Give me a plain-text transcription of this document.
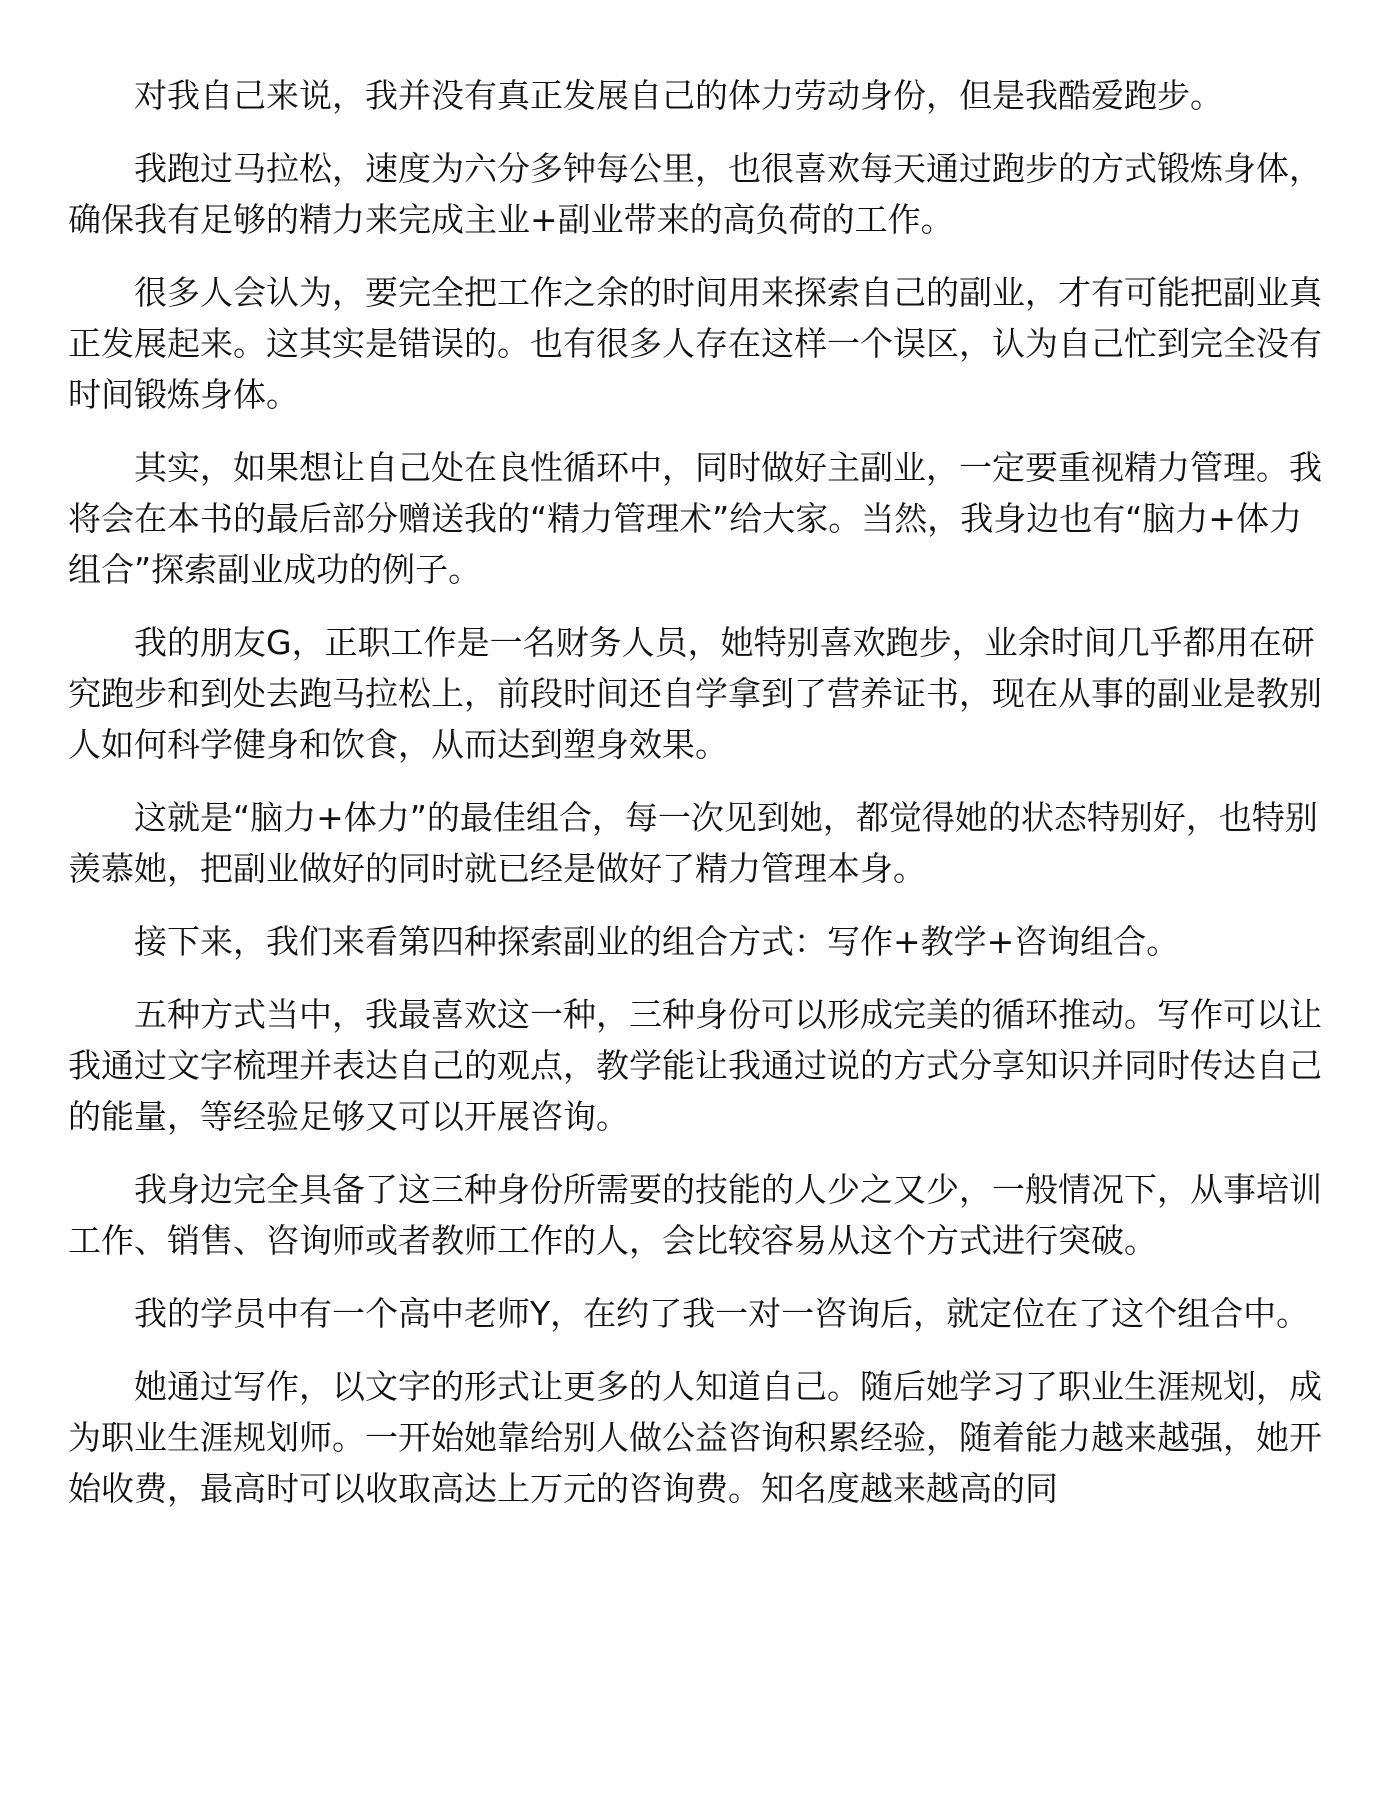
对我自己来说，我并没有真正发展自己的体力劳动身份，但是我酷爱跑步。

我跑过马拉松，速度为六分多钟每公里，也很喜欢每天通过跑步的方式锻炼身体，确保我有足够的精力来完成主业+副业带来的高负荷的工作。

很多人会认为，要完全把工作之余的时间用来探索自己的副业，才有可能把副业真正发展起来。这其实是错误的。也有很多人存在这样一个误区，认为自己忙到完全没有时间锻炼身体。

其实，如果想让自己处在良性循环中，同时做好主副业，一定要重视精力管理。我将会在本书的最后部分赠送我的“精力管理术”给大家。当然，我身边也有“脑力+体力组合”探索副业成功的例子。

我的朋友G，正职工作是一名财务人员，她特别喜欢跑步，业余时间几乎都用在研究跑步和到处去跑马拉松上，前段时间还自学拿到了营养证书，现在从事的副业是教别人如何科学健身和饮食，从而达到塑身效果。

这就是“脑力+体力”的最佳组合，每一次见到她，都觉得她的状态特别好，也特别羡慕她，把副业做好的同时就已经是做好了精力管理本身。

接下来，我们来看第四种探索副业的组合方式：写作+教学+咨询组合。

五种方式当中，我最喜欢这一种，三种身份可以形成完美的循环推动。写作可以让我通过文字梳理并表达自己的观点，教学能让我通过说的方式分享知识并同时传达自己的能量，等经验足够又可以开展咨询。

我身边完全具备了这三种身份所需要的技能的人少之又少，一般情况下，从事培训工作、销售、咨询师或者教师工作的人，会比较容易从这个方式进行突破。

我的学员中有一个高中老师Y，在约了我一对一咨询后，就定位在了这个组合中。

她通过写作，以文字的形式让更多的人知道自己。随后她学习了职业生涯规划，成为职业生涯规划师。一开始她靠给别人做公益咨询积累经验，随着能力越来越强，她开始收费，最高时可以收取高达上万元的咨询费。知名度越来越高的同
